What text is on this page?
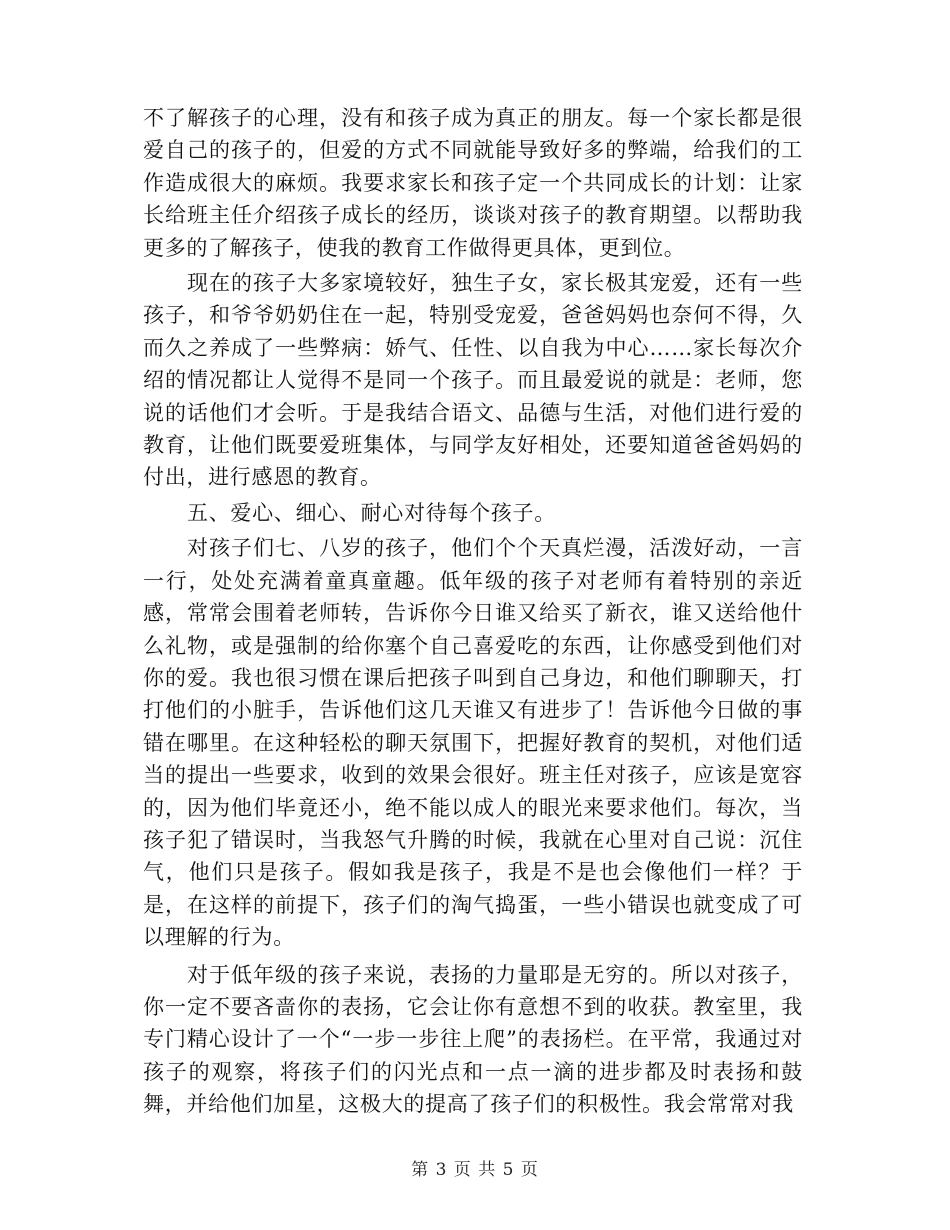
不了解孩子的心理，没有和孩子成为真正的朋友。每一个家长都是很爱自己的孩子的，但爱的方式不同就能导致好多的弊端，给我们的工作造成很大的麻烦。我要求家长和孩子定一个共同成长的计划：让家长给班主任介绍孩子成长的经历，谈谈对孩子的教育期望。以帮助我更多的了解孩子，使我的教育工作做得更具体，更到位。

现在的孩子大多家境较好，独生子女，家长极其宠爱，还有一些孩子，和爷爷奶奶住在一起，特别受宠爱，爸爸妈妈也奈何不得，久而久之养成了一些弊病：娇气、任性、以自我为中心……家长每次介绍的情况都让人觉得不是同一个孩子。而且最爱说的就是：老师，您说的话他们才会听。于是我结合语文、品德与生活，对他们进行爱的教育，让他们既要爱班集体，与同学友好相处，还要知道爸爸妈妈的付出，进行感恩的教育。

五、爱心、细心、耐心对待每个孩子。

对孩子们七、八岁的孩子，他们个个天真烂漫，活泼好动，一言一行，处处充满着童真童趣。低年级的孩子对老师有着特别的亲近感，常常会围着老师转，告诉你今日谁又给买了新衣，谁又送给他什么礼物，或是强制的给你塞个自己喜爱吃的东西，让你感受到他们对你的爱。我也很习惯在课后把孩子叫到自己身边，和他们聊聊天，打打他们的小脏手，告诉他们这几天谁又有进步了！告诉他今日做的事错在哪里。在这种轻松的聊天氛围下，把握好教育的契机，对他们适当的提出一些要求，收到的效果会很好。班主任对孩子，应该是宽容的，因为他们毕竟还小，绝不能以成人的眼光来要求他们。每次，当孩子犯了错误时，当我怒气升腾的时候，我就在心里对自己说：沉住气，他们只是孩子。假如我是孩子，我是不是也会像他们一样？于是，在这样的前提下，孩子们的淘气捣蛋，一些小错误也就变成了可以理解的行为。

对于低年级的孩子来说，表扬的力量耶是无穷的。所以对孩子，你一定不要吝啬你的表扬，它会让你有意想不到的收获。教室里，我专门精心设计了一个“一步一步往上爬”的表扬栏。在平常，我通过对孩子的观察，将孩子们的闪光点和一点一滴的进步都及时表扬和鼓舞，并给他们加星，这极大的提高了孩子们的积极性。我会常常对我

第 3 页 共 5 页
